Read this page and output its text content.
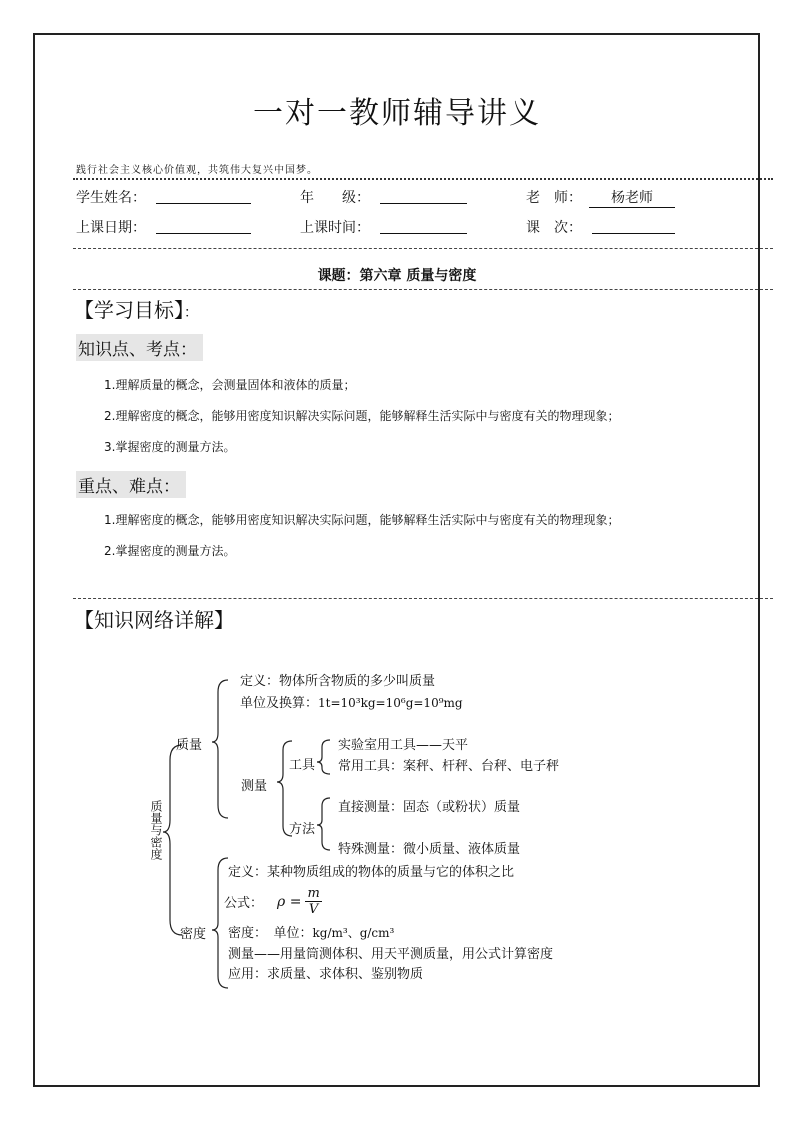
一对一教师辅导讲义
践行社会主义核心价值观，共筑伟大复兴中国梦。
学生姓名：	年　　级：	老　师：	杨老师
上课日期：	上课时间：	课　次：
课题：第六章 质量与密度
【学习目标】：
知识点、考点：
1.理解质量的概念，会测量固体和液体的质量；
2.理解密度的概念，能够用密度知识解决实际问题，能够解释生活实际中与密度有关的物理现象；
3.掌握密度的测量方法。
重点、难点：
1.理解密度的概念，能够用密度知识解决实际问题，能够解释生活实际中与密度有关的物理现象；
2.掌握密度的测量方法。
【知识网络详解】
质量与密度
质量
定义：物体所含物质的多少叫质量
单位及换算：1t=10³kg=10⁶g=10⁹mg
测量
工具
实验室用工具——天平
常用工具：案秤、杆秤、台秤、电子秤
方法
直接测量：固态（或粉状）质量
特殊测量：微小质量、液体质量
密度
定义：某种物质组成的物体的质量与它的体积之比
公式： $\rho = \frac{m}{V}$
密度：　单位：kg/m³、g/cm³
测量——用量筒测体积、用天平测质量，用公式计算密度
应用：求质量、求体积、鉴别物质
